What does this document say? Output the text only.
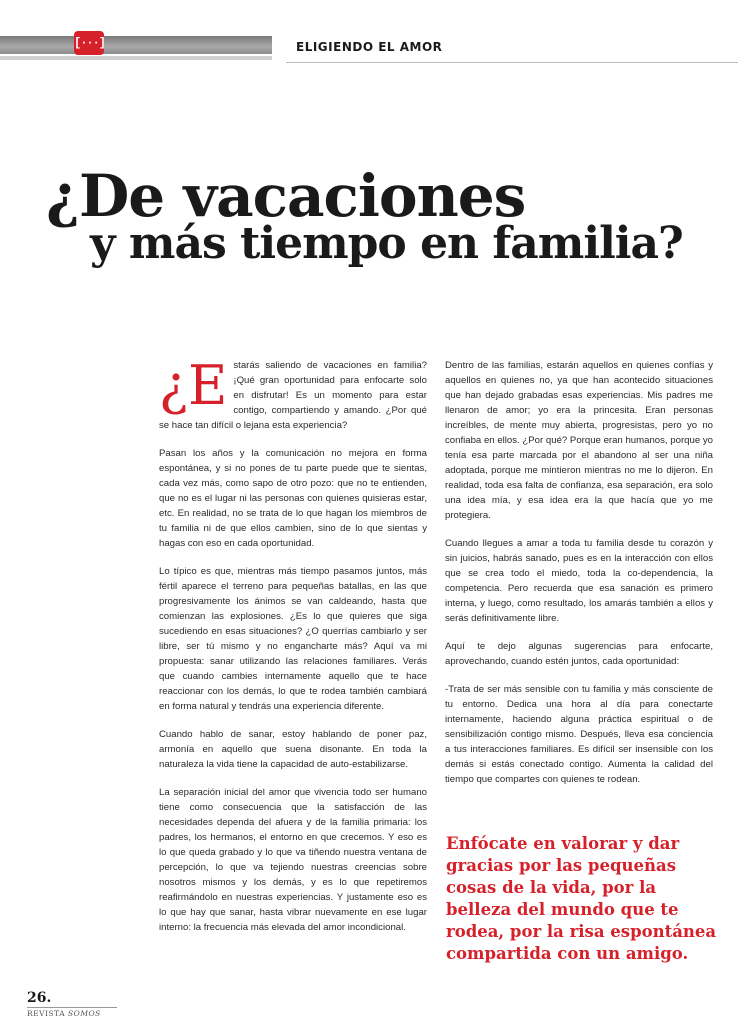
[···]	ELIGIENDO EL AMOR
¿De vacaciones
y más tiempo en familia?

¿E starás saliendo de vacaciones en familia? ¡Qué gran oportunidad para enfocarte solo en disfrutar! Es un momento para estar contigo, compartiendo y amando. ¿Por qué se hace tan difícil o lejana esta experiencia?

Pasan los años y la comunicación no mejora en forma espontánea, y si no pones de tu parte puede que te sientas, cada vez más, como sapo de otro pozo: que no te entienden, que no es el lugar ni las personas con quienes quisieras estar, etc. En realidad, no se trata de lo que hagan los miembros de tu familia ni de que ellos cambien, sino de lo que sientas y hagas con eso en cada oportunidad.

Lo típico es que, mientras más tiempo pasamos juntos, más fértil aparece el terreno para pequeñas batallas, en las que progresivamente los ánimos se van caldeando, hasta que comienzan las explosiones. ¿Es lo que quieres que siga sucediendo en esas situaciones? ¿O querrías cambiarlo y ser libre, ser tú mismo y no engancharte más? Aquí va mi propuesta: sanar utilizando las relaciones familiares. Verás que cuando cambies internamente aquello que te hace reaccionar con los demás, lo que te rodea también cambiará en forma natural y tendrás una experiencia diferente.

Cuando hablo de sanar, estoy hablando de poner paz, armonía en aquello que suena disonante. En toda la naturaleza la vida tiene la capacidad de auto-estabilizarse.

La separación inicial del amor que vivencia todo ser humano tiene como consecuencia que la satisfacción de las necesidades dependa del afuera y de la familia primaria: los padres, los hermanos, el entorno en que crecemos. Y eso es lo que queda grabado y lo que va tiñendo nuestra ventana de percepción, lo que va tejiendo nuestras creencias sobre nosotros mismos y los demás, y es lo que repetiremos reafirmándolo en nuestras experiencias. Y justamente eso es lo que hay que sanar, hasta vibrar nuevamente en ese lugar interno: la frecuencia más elevada del amor incondicional.

Dentro de las familias, estarán aquellos en quienes confías y aquellos en quienes no, ya que han acontecido situaciones que han dejado grabadas esas experiencias. Mis padres me llenaron de amor; yo era la princesita. Eran personas increíbles, de mente muy abierta, progresistas, pero yo no confiaba en ellos. ¿Por qué? Porque eran humanos, porque yo tenía esa parte marcada por el abandono al ser una niña adoptada, porque me mintieron mientras no me lo dijeron. En realidad, toda esa falta de confianza, esa separación, era solo una idea mía, y esa idea era la que hacía que yo me protegiera.

Cuando llegues a amar a toda tu familia desde tu corazón y sin juicios, habrás sanado, pues es en la interacción con ellos que se crea todo el miedo, toda la co-dependencia, la competencia. Pero recuerda que esa sanación es primero interna, y luego, como resultado, los amarás también a ellos y serás definitivamente libre.

Aquí te dejo algunas sugerencias para enfocarte, aprovechando, cuando estén juntos, cada oportunidad:

-Trata de ser más sensible con tu familia y más consciente de tu entorno. Dedica una hora al día para conectarte internamente, haciendo alguna práctica espiritual o de sensibilización contigo mismo. Después, lleva esa conciencia a tus interacciones familiares. Es difícil ser insensible con los demás si estás conectado contigo. Aumenta la calidad del tiempo que compartes con quienes te rodean.

Enfócate en valorar y dar gracias por las pequeñas cosas de la vida, por la belleza del mundo que te rodea, por la risa espontánea compartida con un amigo.
26.
REVISTA SOMOS
